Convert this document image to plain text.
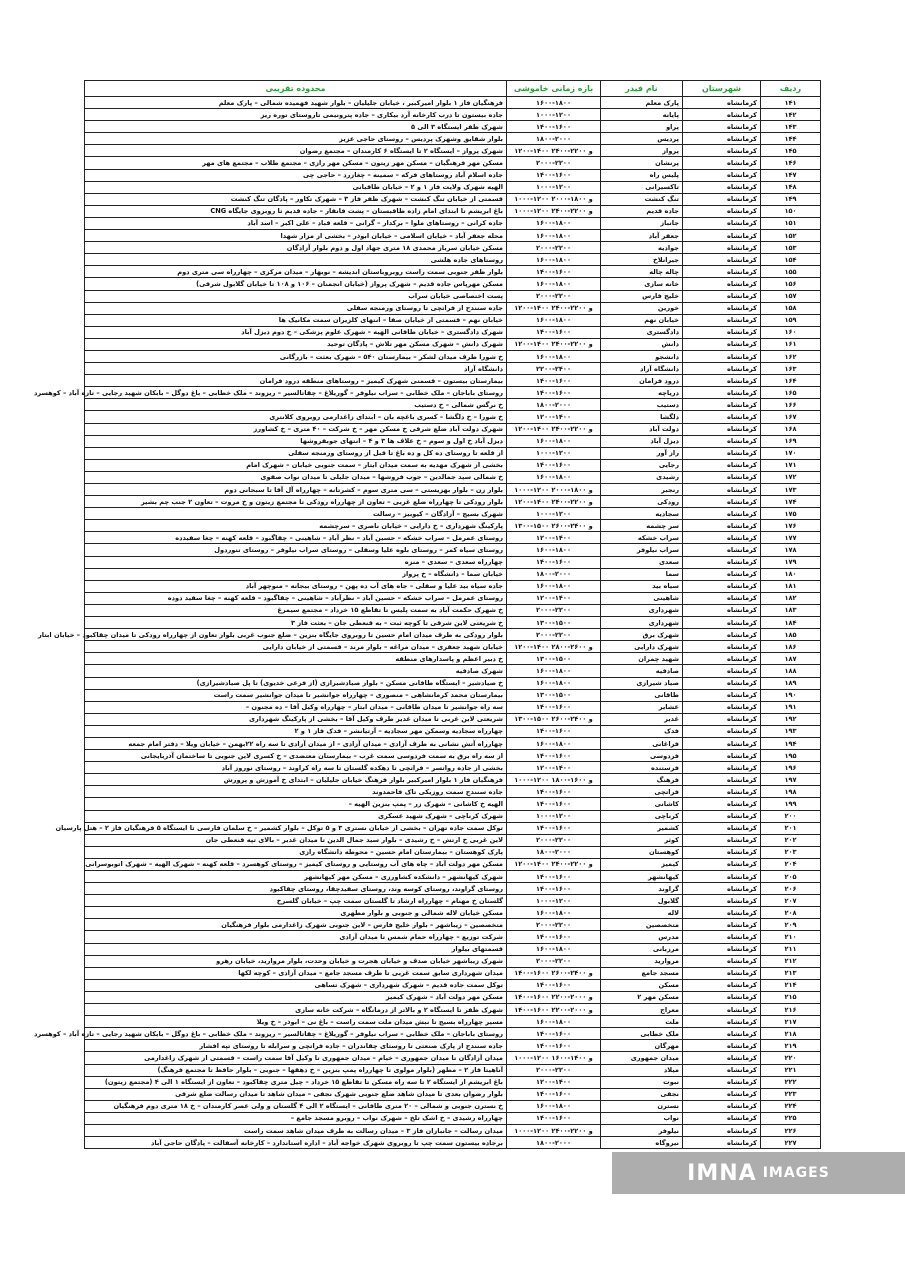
ردیف	شهرستان	نام فیدر	بازه زمانی خاموشی	محدوده تقریبی
۱۴۱	کرمانشاه	پارک معلم	۱۶۰۰-۱۸۰۰	فرهنگیان فاز ۱ بلوار امیرکبیر ، خیابان جلیلیان – بلوار شهید فهمیده شمالی – پارک معلم
۱۴۲	کرمانشاه	پایانه	۱۰۰۰-۱۲۰۰	جاده بیستون تا درب کارخانه آرد بیکاری – جاده پترونیمی تاروستای توره ریز
۱۴۳	کرمانشاه	پراو	۱۴۰۰-۱۶۰۰	شهرک ظفر ایستگاه ۳ الی ۵
۱۴۴	کرمانشاه	پردیس	۱۸۰۰-۲۰۰۰	بلوار شقایق وشهرک پردیس – روستای حاجی عزیز
۱۴۵	کرمانشاه	پرواز	۱۲۰۰-۱۴۰۰ و ۲۲۰۰-۲۴۰۰	شهرک پرواز – ایستگاه ۲ تا ایستگاه ۶ کارمندان – مجتمع رضوان
۱۴۶	کرمانشاه	پرنشان	۲۰۰۰-۲۲۰۰	مسکن مهر فرهنگیان – مسکن مهر زیتون – مسکن مهر رازی – مجتمع طلاب – مجتمع های مهر
۱۴۷	کرمانشاه	پلیس راه	۱۴۰۰-۱۶۰۰	جاده اسلام آباد روستاهای فرکه – سمینه – چغازرد – حاجی چی
۱۴۸	کرمانشاه	تاکسیرانی	۱۰۰۰-۱۲۰۰	الهیه شهرک ولایت فاز ۱ و ۲ – خیابان طاقبانی
۱۴۹	کرمانشاه	تنگ کنشت	۱۰۰۰-۱۲۰۰ و ۱۸۰۰-۲۰۰۰	قسمتی از خیابان تنگ کنشت – شهرک ظفر فاز ۳ – شهرک تکاور – پادگان تنگ کنشت
۱۵۰	کرمانشاه	جاده قدیم	۱۰۰۰-۱۲۰۰ و ۲۲۰۰-۲۴۰۰	باغ ابریشم تا ابتدای امام زاده طاقبستان – پشت فانفار – جاده قدیم تا روبروی جایگاه CNG
۱۵۱	کرمانشاه	جانباز	۱۶۰۰-۱۸۰۰	جاده کرانی – روستاهای ملوا – برکدار – گرانی – قلعه قباد – علی اکبر – اسد آباد
۱۵۲	کرمانشاه	جعفر آباد	۱۶۰۰-۱۸۰۰	محله جعفر آباد – خیابان اسلامی – خیابان ابوذر – بخشی از مزار شهدا
۱۵۳	کرمانشاه	جوادیه	۲۰۰۰-۲۲۰۰	مسکن خیابان سرباز محمدی ۱۸ متری جهاد اول و دوم بلوار آزادگان
۱۵۴	کرمانشاه	جیرانلاخ	۱۶۰۰-۱۸۰۰	روستاهای جاده هلشی
۱۵۵	کرمانشاه	چاله چاله	۱۴۰۰-۱۶۰۰	بلوار ظفر جنوبی سمت راست روبروباستان اندیشه – نوبهار – میدان مرکزی – چهارراه سی متری دوم
۱۵۶	کرمانشاه	خانه سازی	۱۶۰۰-۱۸۰۰	مسکن مهرپاس جاده قدیم – شهرک پرواز (خیابان انجمنان – ۱۰۶ و ۱۰۸ تا خیابان گلابول شرقی)
۱۵۷	کرمانشاه	خلیج فارس	۲۰۰۰-۲۲۰۰	پست اختصاصی خیابان سراب
۱۵۸	کرمانشاه	خورین	۱۲۰۰-۱۴۰۰ و ۲۲۰۰-۲۴۰۰	جاده سنندج از فراتچی تا روستای ورمنجه سفلی
۱۵۹	کرمانشاه	خیابان نهم	۱۶۰۰-۱۸۰۰	خیابان نهم – قسمتی از خیابان صفا – انتهای کلزیران سمت مکانیک ها
۱۶۰	کرمانشاه	دادگستری	۱۴۰۰-۱۶۰۰	شهرک دادگستری – خیابان طاقانی الهیه – شهرک علوم پزشکی – خ دوم دیزل آباد
۱۶۱	کرمانشاه	دانش	۱۲۰۰-۱۴۰۰ و ۲۲۰۰-۲۴۰۰	شهرک دانش – شهرک مسکن مهر تلاش – پادگان توحید
۱۶۲	کرمانشاه	دانشجو	۱۶۰۰-۱۸۰۰	خ شورا طرف میدان لشکر – بیمارستان ۵۴۰ – شهرک بعثت – بازرگانی
۱۶۳	کرمانشاه	دانشگاه آزاد	۲۲۰۰-۲۴۰۰	دانشگاه آزاد
۱۶۴	کرمانشاه	درود فرامان	۱۴۰۰-۱۶۰۰	بیمارستان بیستون – قسمتی شهرک کیمیز – روستاهای منطقه درود فرامان
۱۶۵	کرمانشاه	دریاچه	۱۴۰۰-۱۶۰۰	روستای باباجان – ملک خطابی – سراب نیلوفر – گوریلاغ – چقاتالسیر – ریزوند – ملک خطابی – باغ دوگل – بابکان شهید رجایی – تازه آباد – کوهسرد
۱۶۶	کرمانشاه	دستیب	۱۸۰۰-۲۰۰۰	خ نرگس شمالی – خ دستیب
۱۶۷	کرمانشاه	دلگشا	۱۲۰۰-۱۴۰۰	خ شورا – خ دلگشا – کسری باغچه بان – ابتدای زاغدارمی روبروی کلانتری
۱۶۸	کرمانشاه	دولت آباد	۱۲۰۰-۱۴۰۰ و ۲۲۰۰-۲۴۰۰	شهرک دولت آباد ضلع شرقی خ مسکن مهر – خ شرکت – ۴۰ متری – خ کشاورز
۱۶۹	کرمانشاه	دیزل آباد	۱۶۰۰-۱۸۰۰	دیزل آباد خ اول و سوم – خ علاف ها ۳ و ۴ – انتهای جوبفروشها
۱۷۰	کرمانشاه	راز آور	۱۰۰۰-۱۲۰۰	از قلعه تا روستای ده کل و ده باغ تا قبل از روستای ورمنجه سفلی
۱۷۱	کرمانشاه	رجایی	۱۴۰۰-۱۶۰۰	بخشی از شهرک مهدیه به سمت میدان ابتار – سمت جنوبی خیابان – شهرک امام
۱۷۲	کرمانشاه	رشیدی	۱۶۰۰-۱۸۰۰	خ شمالی سید جمالدین – جوب فروشها – میدان جلیلی تا میدان نواب صفوی
۱۷۳	کرمانشاه	رنجبر	۱۰۰۰-۱۲۰۰ و ۱۸۰۰-۲۰۰۰	بلوار زن – بلوار بهزیستی – سی متری سوم – کشرتانه – چهارراه آل آقا تا سبحانی دوم
۱۷۴	کرمانشاه	رودکی	۱۲۰۰-۱۴۰۰ و ۲۲۰۰-۲۴۰۰	بلوار رودکی تا چهارراه ضلع غربی – تعاون از چهارراه رودکی تا مجتمع زیتون و خ مروت – تعاون ۲ جنب چم بشیر
۱۷۵	کرمانشاه	سجادیه	۱۰۰۰-۱۲۰۰	شهرک بسیج – آزادگان – کیوبیز – رسالت
۱۷۶	کرمانشاه	سر چشمه	۱۳۰۰-۱۵۰۰ و ۲۴۰۰-۲۶۰۰	پارکینگ شهرداری – خ دارایی – خیابان ناصری – سرچشمه
۱۷۷	کرمانشاه	سراب خشکه	۱۲۰۰-۱۴۰۰	روستای عمرمل – سراب خشکه – حسین آباد – نظر آباد – شاهینی – چقاگبود – قلعه کهنه – چغا سفیدده
۱۷۸	کرمانشاه	سراب نیلوفر	۱۶۰۰-۱۸۰۰	روستای سیاه کمر – روستای بلوه علیا وسفلی – روستای سراب نیلوفر – روستای تنوردول
۱۷۹	کرمانشاه	سعدی	۱۴۰۰-۱۶۰۰	چهارراه سعدی – سعدی – منزه
۱۸۰	کرمانشاه	سما	۱۸۰۰-۲۰۰۰	خیابان سما – دانشگاه – خ پرواز
۱۸۱	کرمانشاه	سیاه بید	۱۶۰۰-۱۸۰۰	جاده سیاه بید علیا و سفلی – جاه های آب ده پهن – روستای بیجانه – منوچهر آباد
۱۸۲	کرمانشاه	شاهینی	۱۲۰۰-۱۴۰۰	روستای عمرمل – سراب خشکه – حسین آباد – نظرآباد – شاهینی – چقاگبود – قلعه کهنه – چغا سفید دوده
۱۸۳	کرمانشاه	شهرداری	۲۰۰۰-۲۲۰۰	خ شهرک حکمت آباد به سمت پلیس تا تقاطع ۱۵ خرداد – مجتمع سیمرغ
۱۸۴	کرمانشاه	شهرداری	۱۳۰۰-۱۵۰۰	خ شریعتی لاین شرقی تا کوچه ثبت – به قنعطی جان – بعثت فاز ۳
۱۸۵	کرمانشاه	شهرک برق	۲۰۰۰-۲۲۰۰	بلوار رودکی به طرف میدان امام حسین تا روبروی جایگاه بنزین – ضلع جنوب غربی بلوار تعاون از چهارراه رودکی تا میدان چقاکبود – خیابان ابتار
۱۸۶	کرمانشاه	شهرک دارایی	۱۲۰۰-۱۴۰۰ و ۲۶۰۰-۲۸۰۰	خیابان شهید جعفری – میدان مراغه – بلوار مرند – قسمتی از خیابان دارایی
۱۸۷	کرمانشاه	شهید چمران	۱۳۰۰-۱۵۰۰	خ دبیر اعظم و پاسدارهای منطقه
۱۸۸	کرمانشاه	صادقیه	۱۶۰۰-۱۸۰۰	شهرک صادقیه
۱۸۹	کرمانشاه	صیاد شیرازی	۱۶۰۰-۱۸۰۰	خ صیادشیر – ایستگاه طاقانی مسکن – بلوار صیادشیرازی (از فرعی خدیوی) تا پل صیادشیرازی)
۱۹۰	کرمانشاه	طاقانی	۱۳۰۰-۱۵۰۰	بیمارستان محمد کرمانشاهی – منصوری – چهارراه جوانشیر تا میدان جوانشیر سمت راست
۱۹۱	کرمانشاه	عشایر	۱۴۰۰-۱۶۰۰	سه راه جوانشیر تا میدان طاقانی – میدان ابتار – چهارراه وکیل آقا – ده مجنون –
۱۹۲	کرمانشاه	غدیر	۱۳۰۰-۱۵۰۰ و ۲۴۰۰-۲۶۰۰	شریعتی لاین غربی تا میدان غدیر طرف وکیل آقا – بخشی از پارکینگ شهرداری
۱۹۳	کرمانشاه	فدک	۱۴۰۰-۱۶۰۰	چهارراه سجادیه وسمکن مهر سجادیه – آرتیانشر – فدک فاز ۱ و ۲
۱۹۴	کرمانشاه	فراغانی	۱۶۰۰-۱۸۰۰	چهارراه آتش نشانی به طرف آزادی – میدان آزادی – از میدان آزادی تا سه راه ۲۲بهمن – خیابان ویلا – دفتر امام جمعه
۱۹۵	کرمانشاه	فردوسی	۱۴۰۰-۱۶۰۰	از سه راه برق به سمت فردوسی سمت غرب – بیمارستان معتضدی – خ کسری لاین جنوبی تا ساختمان آذربایجانی
۱۹۶	کرمانشاه	فرستنده	۱۲۰۰-۱۴۰۰	بخشی از جاده رواتسر – فراتچی تا دهکده گلستان تا سه راه کراوند – روستای نوروز آباد
۱۹۷	کرمانشاه	فرهنگ	۱۰۰۰-۱۲۰۰ و ۱۶۰۰-۱۸۰۰	فرهنگیان فاز ۱ بلوار امیرکبیر بلوار فرهنگ خیابان جلیلیان – ابتدای خ آموزش و پرورش
۱۹۸	کرمانشاه	فراتچی	۱۴۰۰-۱۶۰۰	جاده سنندج سمت روزیکی تاک فاحمدوند
۱۹۹	کرمانشاه	کاشانی	۱۴۰۰-۱۶۰۰	الهیه خ کاشانی – شهرک زر – پمپ بنزین الهیه –
۲۰۰	کرمانشاه	کرناچی	۱۰۰۰-۱۲۰۰	شهرک کرناچی – شهرک شهید عسکری
۲۰۱	کرمانشاه	کشمیر	۱۴۰۰-۱۶۰۰	توکل سمت جاده تهران – بخشی از خیابان نستری ۳ و ۵ توکل – بلوار کشمیر – خ سلمان فارسی تا ایستگاه ۵ فرهنگیان فاز ۲ – هتل پارسیان
۲۰۲	کرمانشاه	کوثر	۲۰۰۰-۲۲۰۰	لاین غربی خ ارتش – خ رشیدی – بلوار سید جمال الدین تا میدان غدیر – بالای تپه قنعطی جان
۲۰۳	کرمانشاه	کوهستان	۱۸۰۰-۲۰۰۰	پارک کوهستان – بیمارستان امام حسین – محوطه دانشگاه رازی
۲۰۴	کرمانشاه	کیمیز	۱۲۰۰-۱۴۰۰ و ۲۲۰۰-۲۴۰۰	مسکن مهر دولت آباد – چاه های آب روستایی و روستای کیمیز – روستای کوهسرد – قلعه کهنه – شهرک الهیه – شهرک اتوبوسرانی
۲۰۵	کرمانشاه	کیهانشهر	۱۴۰۰-۱۶۰۰	شهرک کیهانشهر – دانشکده کشاورزی – مسکن مهر کیهانشهر
۲۰۶	کرمانشاه	گراوند	۱۴۰۰-۱۶۰۰	روستای گراوند، روستای کوسه وند، روستای سفیدچقا، روستای چقاکبود
۲۰۷	کرمانشاه	گلابول	۱۰۰۰-۱۲۰۰	گلستان خ مهنام – چهارراه ارشاد تا گلستان سمت چپ – خیابان گلسرخ
۲۰۸	کرمانشاه	لاله	۱۶۰۰-۱۸۰۰	مسکن خیابان لاله شمالی و جنوبی و بلوار مطهری
۲۰۹	کرمانشاه	متخصصین	۲۰۰۰-۲۲۰۰	متخصصین – زیباشهر – بلوار خلیج فارس – لاین جنوبی شهرک زاغدارمی بلوار فرهنگیان
۲۱۰	کرمانشاه	مدرس	۱۴۰۰-۱۶۰۰	شرکت توزیع – چهارراه حمام شمس تا میدان آزادی
۲۱۱	کرمانشاه	مرزبانی	۱۶۰۰-۱۸۰۰	قسمتهای بیلوار
۲۱۲	کرمانشاه	مروارید	۲۰۰۰-۲۲۰۰	شهرک زیباشهر خیابان صدف و خیابان هجرت و خیابان وحدت، بلوار مروارید، خیابان رهرو
۲۱۳	کرمانشاه	مسجد جامع	۱۴۰۰-۱۶۰۰ و ۲۴۰۰-۲۶۰۰	میدان شهرداری سابق سمت غربی تا طرف مسجد جامع – میدان آزادی – کوچه لکها
۲۱۴	کرمانشاه	مسکن	۱۴۰۰-۱۶۰۰	توکل سمت جاده قدیم – شهرک شهرداری – شهرک تساهی
۲۱۵	کرمانشاه	مسکن مهر ۲	۱۴۰۰-۱۶۰۰ و ۲۰۰۰-۲۲۰۰	مسکن مهر دولت آباد – شهرک کیمیز
۲۱۶	کرمانشاه	معراج	۱۴۰۰-۱۶۰۰ و ۲۰۰۰-۲۲۰۰	شهرک ظفر تا ایستگاه ۲ و بالاتر از درمانگاه – شرکت خانه سازی
۲۱۷	کرمانشاه	ملت	۱۶۰۰-۱۸۰۰	مسیر چهارراه بسیج تا نبش میدان ملت سمت راست – باغ نی – ابوذر – خ ویلا
۲۱۸	کرمانشاه	ملک خطابی	۱۴۰۰-۱۶۰۰	روستای باباجان – ملک خطابی – سراب نیلوفر – گوریلاغ – چقاتالسیر – ریزوند – ملک خطابی – باغ دوگل – بابکان شهید رجایی – تازه آباد – کوهسرد
۲۱۹	کرمانشاه	مهرگان	۱۴۰۰-۱۶۰۰	جاده سنندج از پارک صنعتی تا روستای چقاندران – جاده فراتچی و سرابله تا روستای تپه افشار
۲۲۰	کرمانشاه	میدان جمهوری	۱۰۰۰-۱۲۰۰ و ۱۴۰۰-۱۶۰۰	میدان آزادگان تا میدان جمهوری – خیام – میدان جمهوری تا وکیل آقا سمت راست – قسمتی از شهرک زاغدارمی
۲۲۱	کرمانشاه	میلاد	۲۰۰۰-۲۲۰۰	آناهیتا فاز ۲ – مطهر (بلوار مولوی تا چهارراه پمپ بنزین – خ دهقها – جنوبی – بلوار حافظ تا مجتمع فرهنگ)
۲۲۲	کرمانشاه	نبوت	۱۲۰۰-۱۴۰۰	باغ ابریشم از ایستگاه ۲ تا سه راه مسکن تا تقاطع ۱۵ خرداد – چیل متری چقاکبود – تعاون از ایستگاه ۱ الی ۴ (مجتمع زیتون)
۲۲۳	کرمانشاه	نجفی	۱۴۰۰-۱۶۰۰	بلوار رضوان بعدی تا میدان شاهد ضلع جنوبی شهرک نجفی – میدان شاهد تا میدان رسالت ضلع شرقی
۲۲۴	کرمانشاه	نسترن	۱۶۰۰-۱۸۰۰	خ نسترن جنوبی و شمالی – ۲۰ متری طاقانی – ایستگاه ۲ الی ۴ گلستان و ولی عصر کارمندان – خ ۱۸ متری دوم فرهنگیان
۲۲۵	کرمانشاه	نواب	۱۴۰۰-۱۶۰۰	چهارراه رشیدی – خ اشک تلخ – شهرک نواب – روبرو مسجد جامع –
۲۲۶	کرمانشاه	نیلوفر	۱۰۰۰-۱۲۰۰ و ۲۲۰۰-۲۴۰۰	میدان رسالت – جانبازان فاز ۳ – میدان رسالت به طرف میدان شاهد سمت راست
۲۲۷	کرمانشاه	نیروگاه	۱۸۰۰-۲۰۰۰	برجاده بیستون سمت چپ تا روبروی شهرک خواجه آباد – اداره استاندارد – کارخانه آسفالت – پادگان حاجی آباد
IMNA IMAGES
